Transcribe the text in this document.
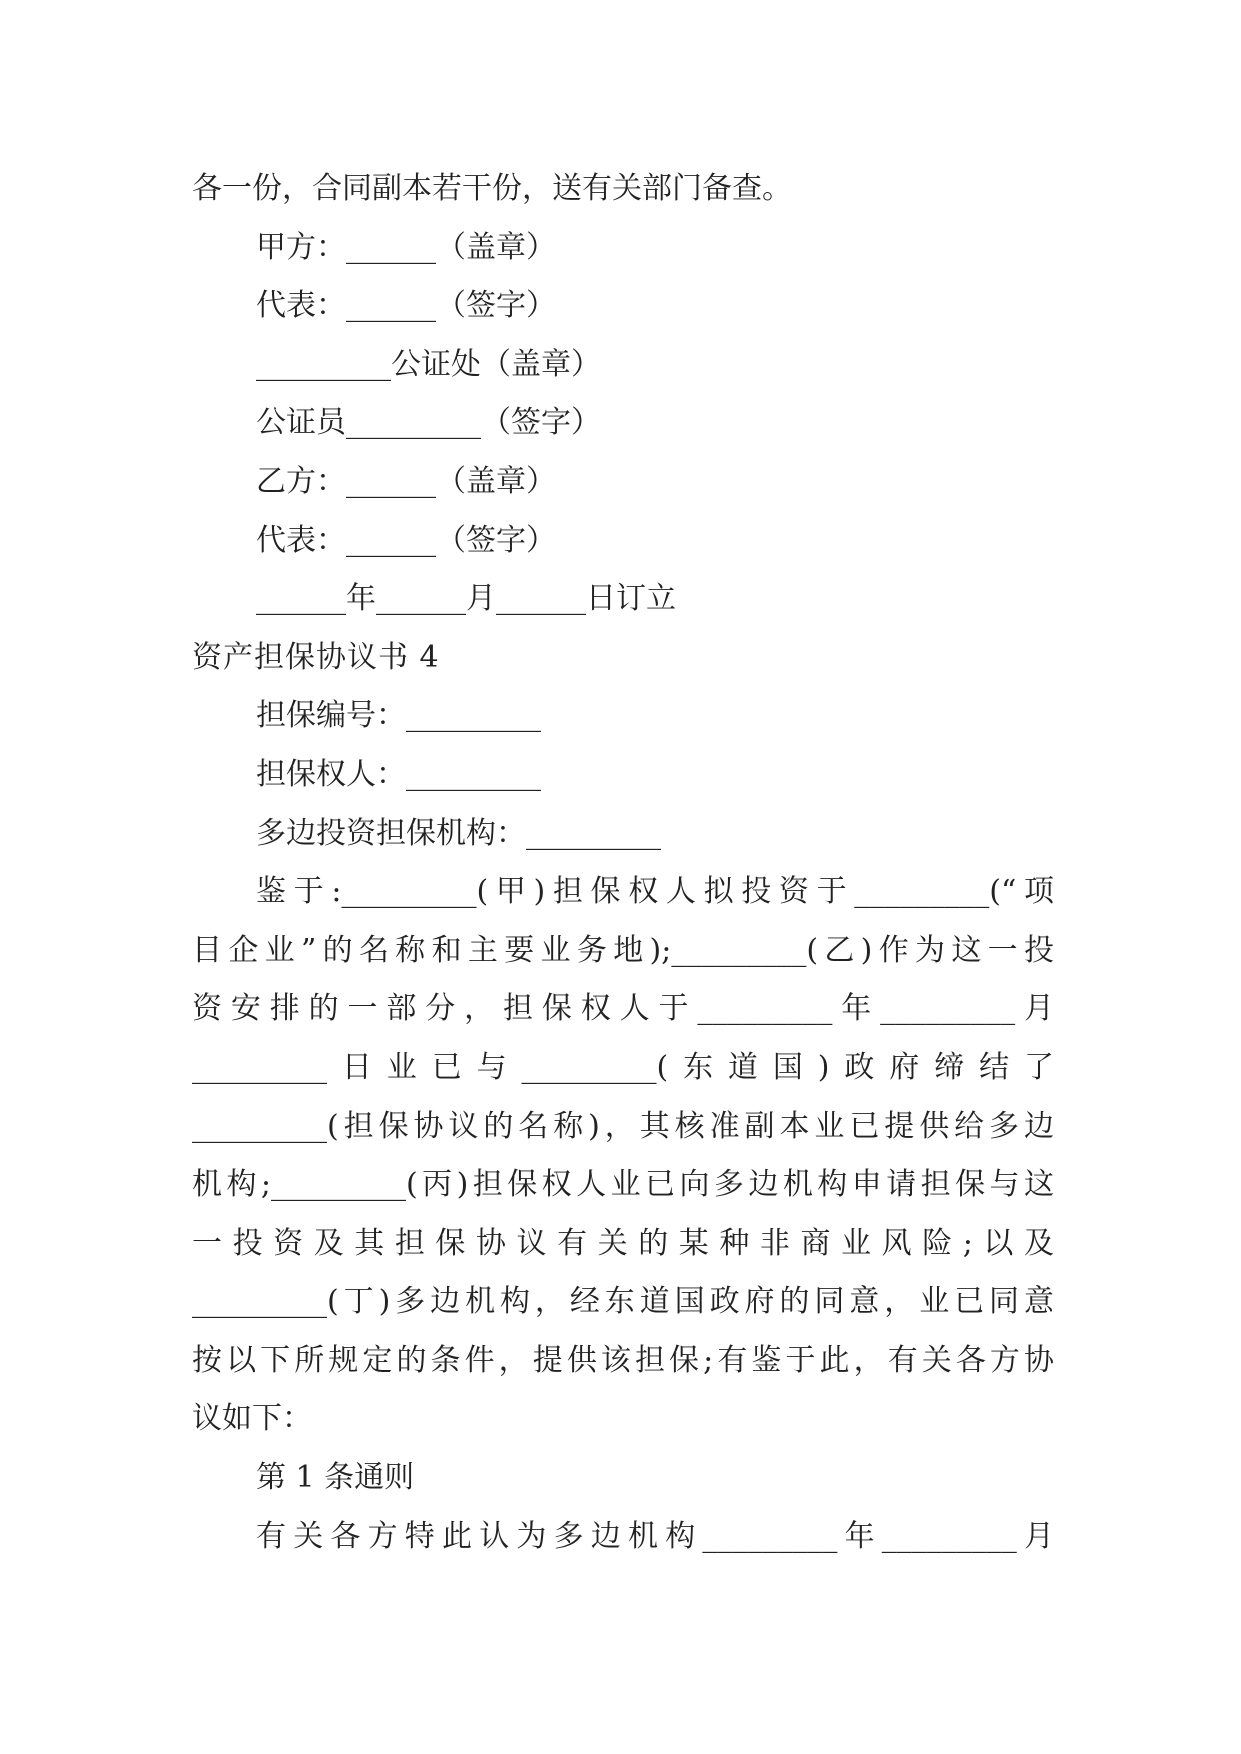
各一份，合同副本若干份，送有关部门备查。
甲方：______（盖章）
代表：______（签字）
_________公证处（盖章）
公证员_________（签字）
乙方：______（盖章）
代表：______（签字）
______年______月______日订立
资产担保协议书 4
担保编号：_________
担保权人：_________
多边投资担保机构：_________
鉴于:_________(甲)担保权人拟投资于_________(“项
目企业”的名称和主要业务地);_________(乙)作为这一投
资安排的一部分，担保权人于_________年_________月
_________日业已与_________(东道国)政府缔结了
_________(担保协议的名称)，其核准副本业已提供给多边
机构;_________(丙)担保权人业已向多边机构申请担保与这
一投资及其担保协议有关的某种非商业风险;以及
_________(丁)多边机构，经东道国政府的同意，业已同意
按以下所规定的条件，提供该担保;有鉴于此，有关各方协
议如下：
第 1 条通则
有关各方特此认为多边机构_________年_________月
